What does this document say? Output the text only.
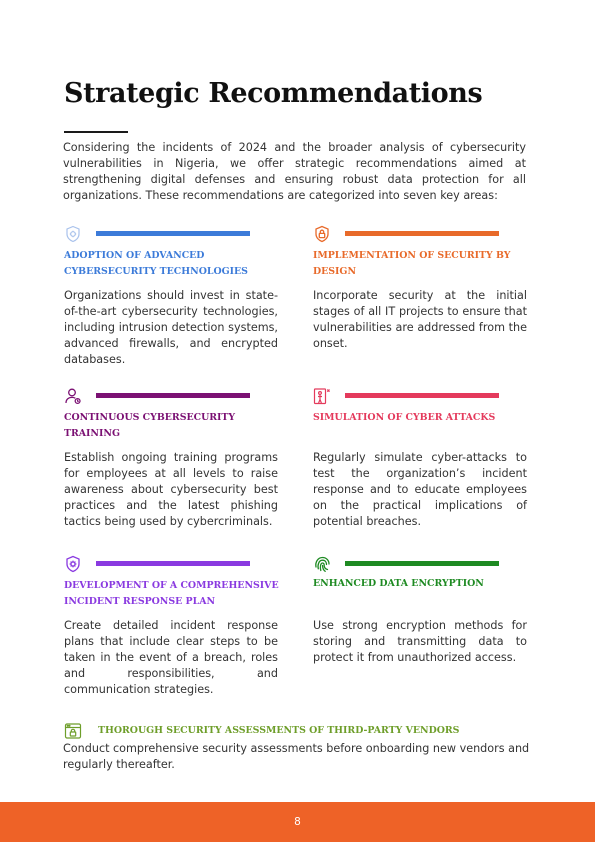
Strategic Recommendations

Considering the incidents of 2024 and the broader analysis of cybersecurity vulnerabilities in Nigeria, we offer strategic recommendations aimed at strengthening digital defenses and ensuring robust data protection for all organizations. These recommendations are categorized into seven key areas:

ADOPTION OF ADVANCED CYBERSECURITY TECHNOLOGIES

Organizations should invest in state-of-the-art cybersecurity technologies, including intrusion detection systems, advanced firewalls, and encrypted databases.

IMPLEMENTATION OF SECURITY BY DESIGN

Incorporate security at the initial stages of all IT projects to ensure that vulnerabilities are addressed from the onset.

CONTINUOUS CYBERSECURITY TRAINING

Establish ongoing training programs for employees at all levels to raise awareness about cybersecurity best practices and the latest phishing tactics being used by cybercriminals.

SIMULATION OF CYBER ATTACKS

Regularly simulate cyber-attacks to test the organization’s incident response and to educate employees on the practical implications of potential breaches.

DEVELOPMENT OF A COMPREHENSIVE INCIDENT RESPONSE PLAN

Create detailed incident response plans that include clear steps to be taken in the event of a breach, roles and responsibilities, and communication strategies.

ENHANCED DATA ENCRYPTION

Use strong encryption methods for storing and transmitting data to protect it from unauthorized access.

THOROUGH SECURITY ASSESSMENTS OF THIRD-PARTY VENDORS

Conduct comprehensive security assessments before onboarding new vendors and regularly thereafter.

8
